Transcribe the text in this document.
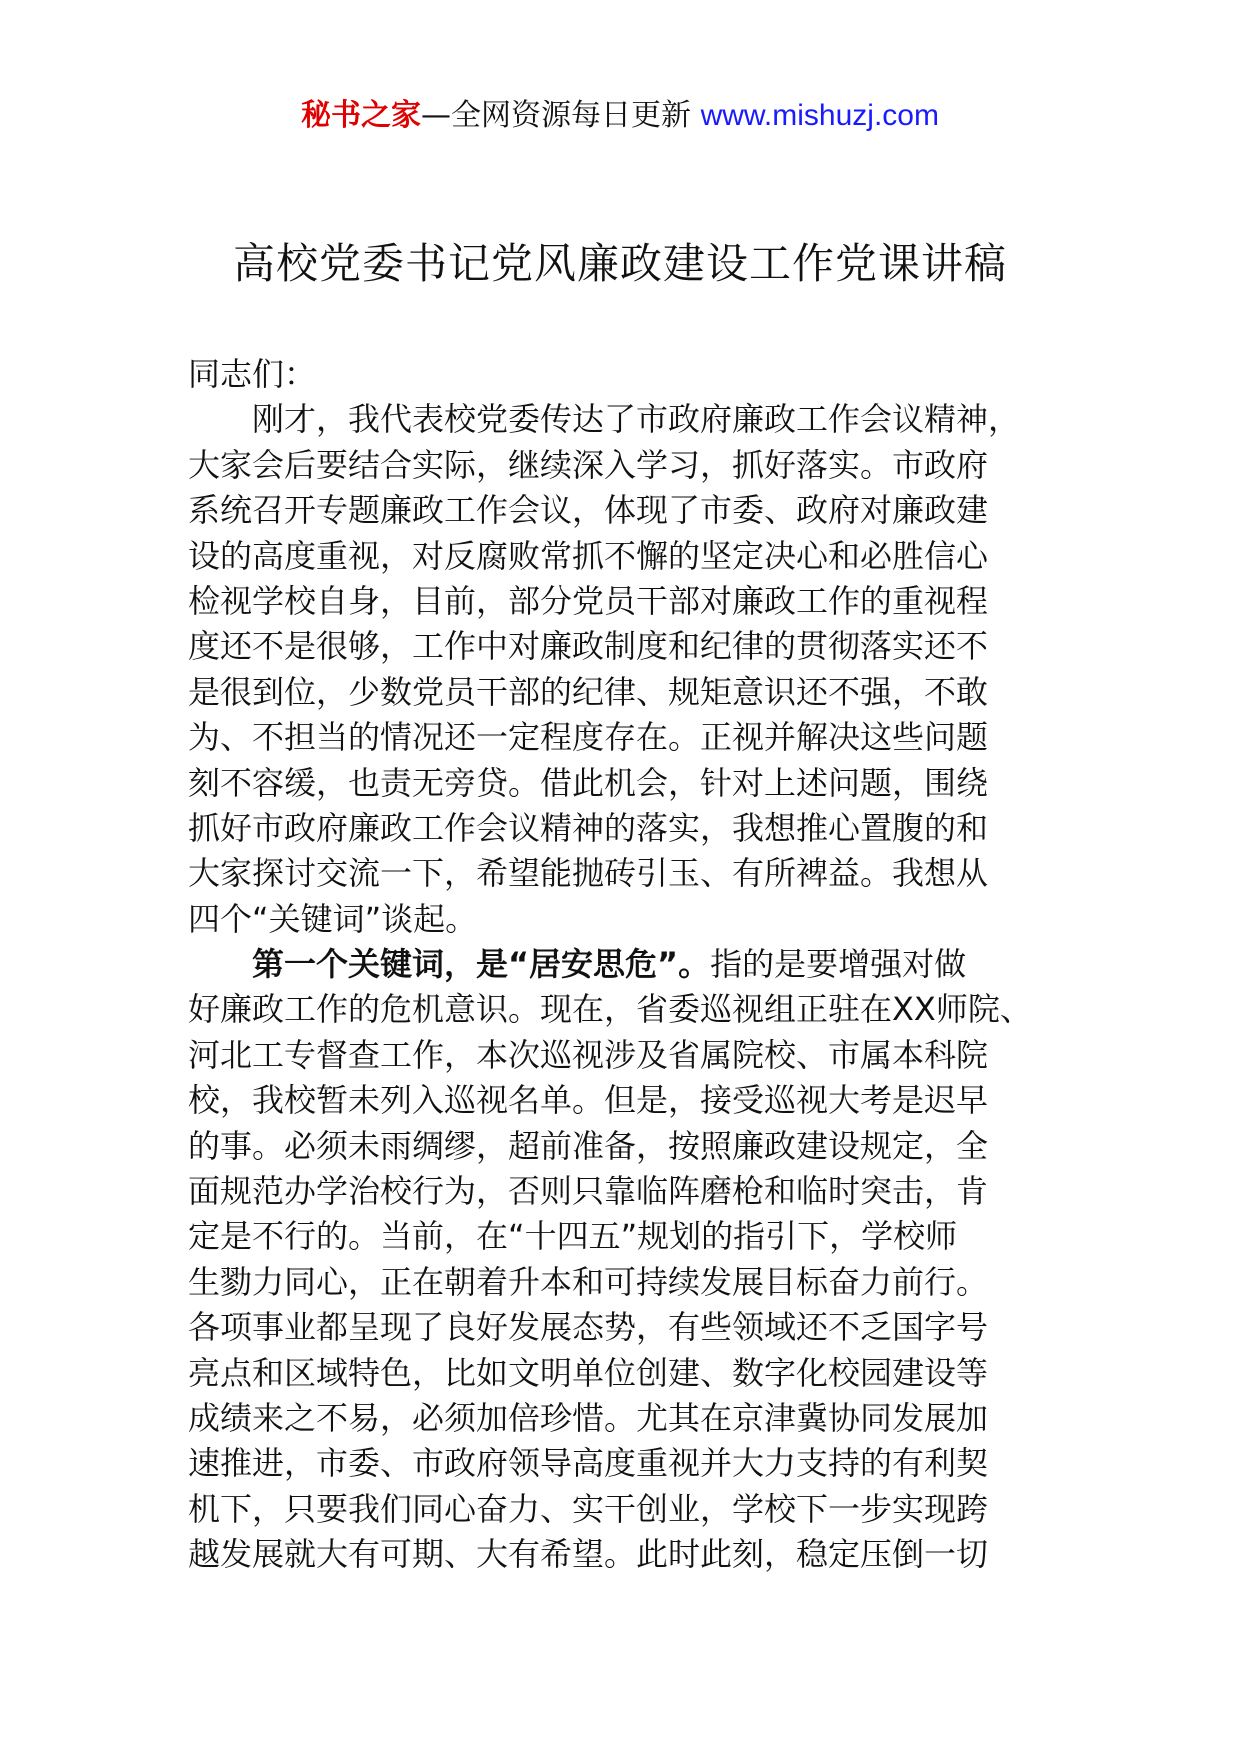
秘书之家—全网资源每日更新 www.mishuzj.com
高校党委书记党风廉政建设工作党课讲稿
同志们：
刚才，我代表校党委传达了市政府廉政工作会议精神，
大家会后要结合实际，继续深入学习，抓好落实。市政府
系统召开专题廉政工作会议，体现了市委、政府对廉政建
设的高度重视，对反腐败常抓不懈的坚定决心和必胜信心
检视学校自身，目前，部分党员干部对廉政工作的重视程
度还不是很够，工作中对廉政制度和纪律的贯彻落实还不
是很到位，少数党员干部的纪律、规矩意识还不强，不敢
为、不担当的情况还一定程度存在。正视并解决这些问题
刻不容缓，也责无旁贷。借此机会，针对上述问题，围绕
抓好市政府廉政工作会议精神的落实，我想推心置腹的和
大家探讨交流一下，希望能抛砖引玉、有所裨益。我想从
四个“关键词”谈起。
第一个关键词，是“居安思危”。指的是要增强对做
好廉政工作的危机意识。现在，省委巡视组正驻在XX师院、
河北工专督查工作，本次巡视涉及省属院校、市属本科院
校，我校暂未列入巡视名单。但是，接受巡视大考是迟早
的事。必须未雨绸缪，超前准备，按照廉政建设规定，全
面规范办学治校行为，否则只靠临阵磨枪和临时突击，肯
定是不行的。当前，在“十四五”规划的指引下，学校师
生勠力同心，正在朝着升本和可持续发展目标奋力前行。
各项事业都呈现了良好发展态势，有些领域还不乏国字号
亮点和区域特色，比如文明单位创建、数字化校园建设等
成绩来之不易，必须加倍珍惜。尤其在京津冀协同发展加
速推进，市委、市政府领导高度重视并大力支持的有利契
机下，只要我们同心奋力、实干创业，学校下一步实现跨
越发展就大有可期、大有希望。此时此刻，稳定压倒一切
